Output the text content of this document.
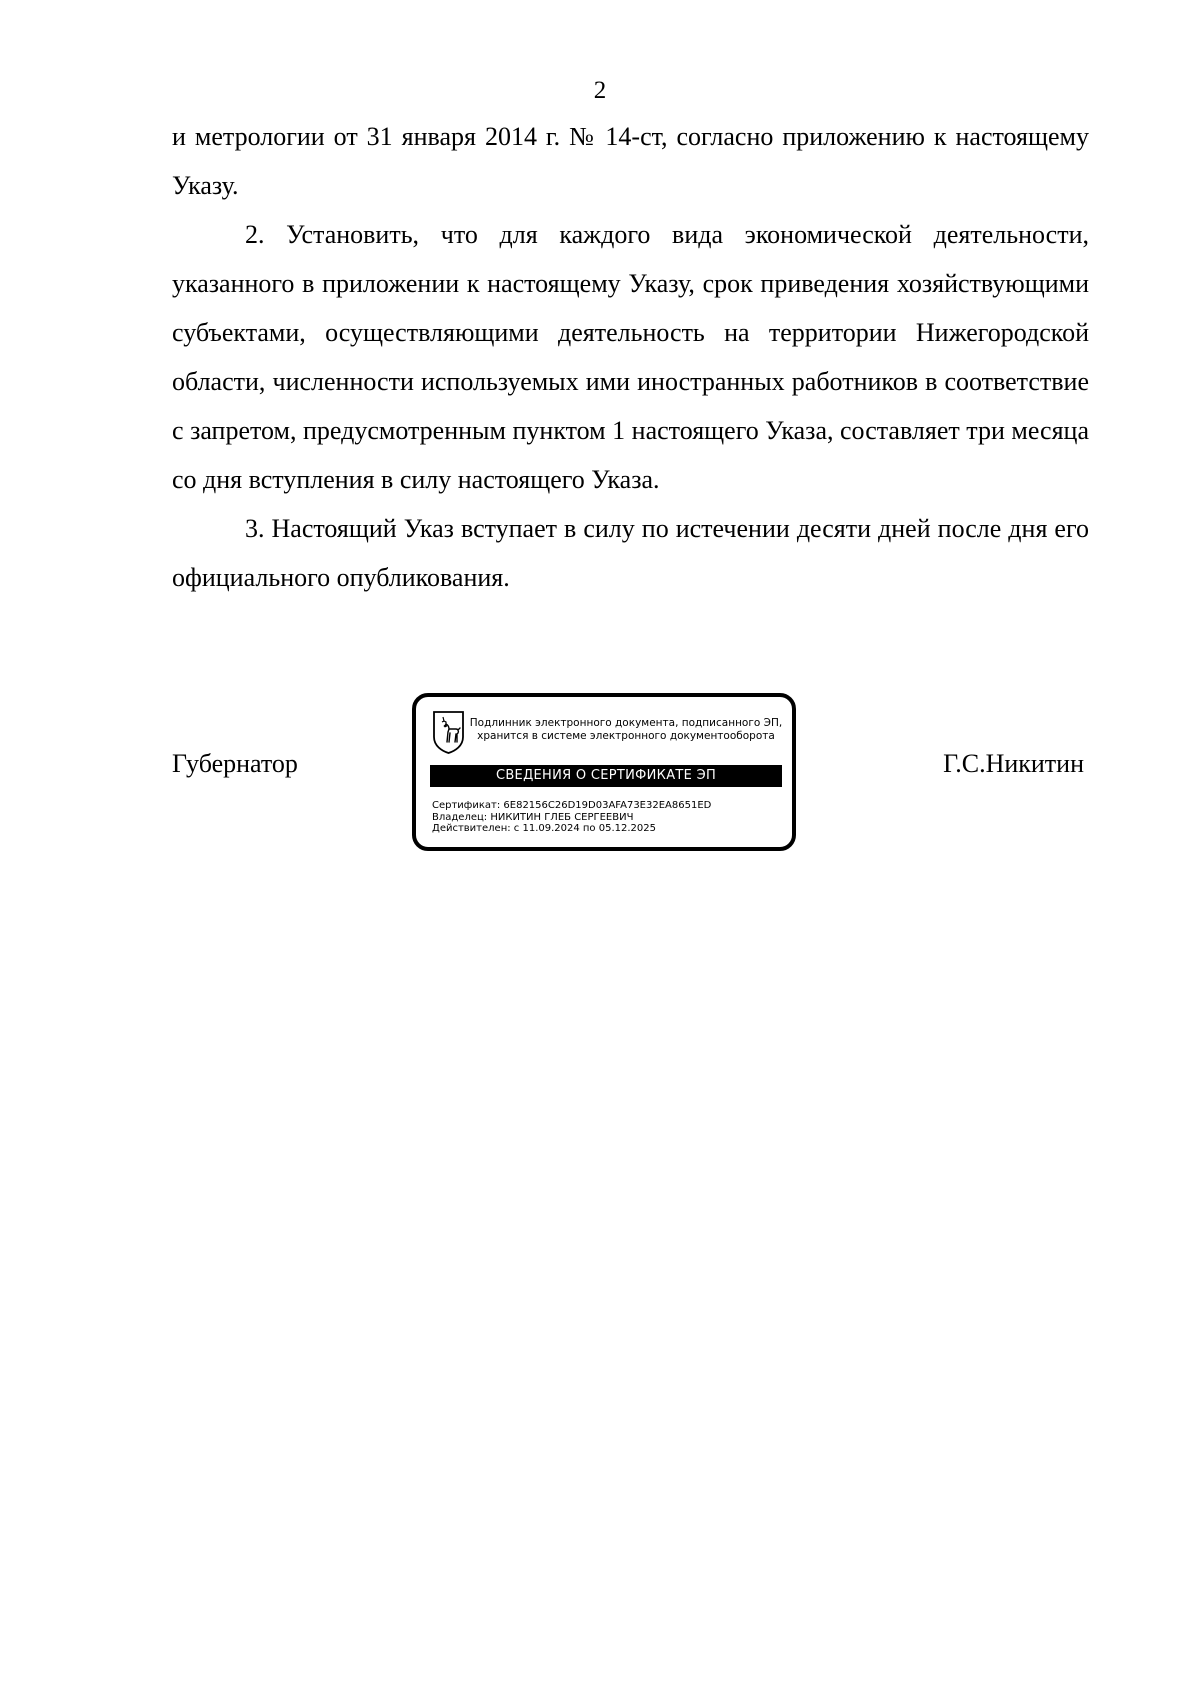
2

и метрологии от 31 января 2014 г. № 14-ст, согласно приложению к настоящему Указу.

2. Установить, что для каждого вида экономической деятельности, указанного в приложении к настоящему Указу, срок приведения хозяйствующими субъектами, осуществляющими деятельность на территории Нижегородской области, численности используемых ими иностранных работников в соответствие с запретом, предусмотренным пунктом 1 настоящего Указа, составляет три месяца со дня вступления в силу настоящего Указа.

3. Настоящий Указ вступает в силу по истечении десяти дней после дня его официального опубликования.

Губернатор
Подлинник электронного документа, подписанного ЭП,
хранится в системе электронного документооборота
СВЕДЕНИЯ О СЕРТИФИКАТЕ ЭП
Сертификат: 6E82156C26D19D03AFA73E32EA8651ED
Владелец: НИКИТИН ГЛЕБ СЕРГЕЕВИЧ
Действителен: с 11.09.2024 по 05.12.2025
Г.С.Никитин
